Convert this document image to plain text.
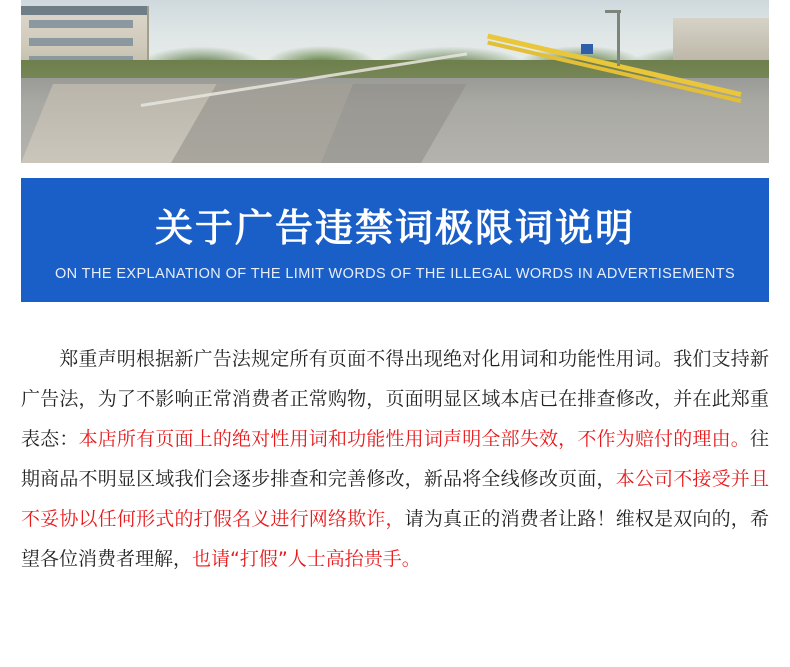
关于广告违禁词极限词说明
ON THE EXPLANATION OF THE LIMIT WORDS OF THE ILLEGAL WORDS IN ADVERTISEMENTS

郑重声明根据新广告法规定所有页面不得出现绝对化用词和功能性用词。我们支持新广告法，为了不影响正常消费者正常购物，页面明显区域本店已在排查修改，并在此郑重表态：本店所有页面上的绝对性用词和功能性用词声明全部失效，不作为赔付的理由。往期商品不明显区域我们会逐步排查和完善修改，新品将全线修改页面，本公司不接受并且不妥协以任何形式的打假名义进行网络欺诈，请为真正的消费者让路！维权是双向的，希望各位消费者理解，也请“打假”人士高抬贵手。
